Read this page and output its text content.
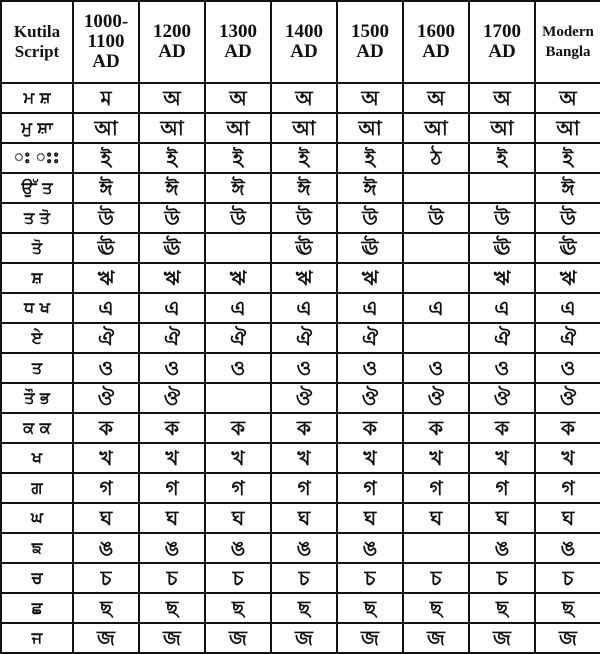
Kutila Script	1000-1100 AD	1200 AD	1300 AD	1400 AD	1500 AD	1600 AD	1700 AD	Modern Bangla
ਮ ਸ਼	ম	অ	অ	অ	অ	অ	অ	অ
ਮੁ ਸ਼ਾ	আ	আ	আ	আ	আ	আ	আ	আ
ះ ះះ	ই	ই	ই	ই	ই	ঠ	ই	ই
ਉੱ ਤ	ঈ	ঈ	ঈ	ঈ	ঈ			ঈ
ਤ ਤੋ	উ	উ	উ	উ	উ	উ	উ	উ
ਤੋ	ঊ	ঊ		ঊ	ঊ		ঊ	ঊ
ਸ਼	ঋ	ঋ	ঋ	ঋ	ঋ		ঋ	ঋ
ਧ ਖ	এ	এ	এ	এ	এ	এ	এ	এ
ਏ	ঐ	ঐ	ঐ	ঐ	ঐ		ঐ	ঐ
ਤ	ও	ও	ও	ও	ও	ও	ও	ও
ਤੌ ਭ	ঔ	ঔ		ঔ	ঔ	ঔ	ঔ	ঔ
ਕ ਕ	ক	ক	ক	ক	ক	ক	ক	ক
ਖ	খ	খ	খ	খ	খ	খ	খ	খ
ਗ	গ	গ	গ	গ	গ	গ	গ	গ
ਘ	ঘ	ঘ	ঘ	ঘ	ঘ	ঘ	ঘ	ঘ
ਙ	ঙ	ঙ	ঙ	ঙ	ঙ		ঙ	ঙ
ਚ	চ	চ	চ	চ	চ	চ	চ	চ
ਛ	ছ	ছ	ছ	ছ	ছ	ছ	ছ	ছ
ਜ	জ	জ	জ	জ	জ	জ	জ	জ
